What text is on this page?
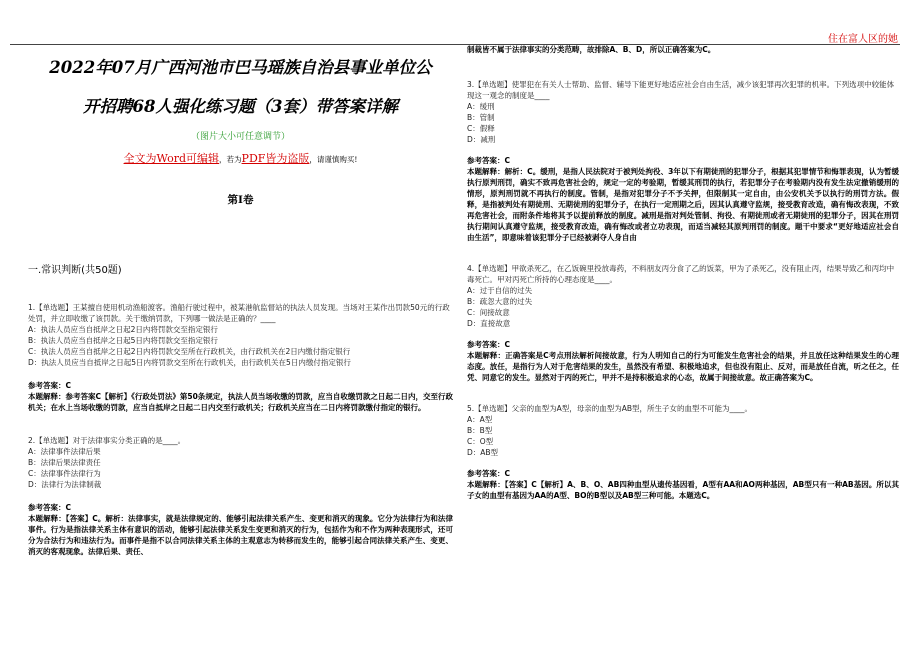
住在富人区的她
2022年07月广西河池市巴马瑶族自治县事业单位公
开招聘68人强化练习题（3套）带答案详解
（图片大小可任意调节）
全文为Word可编辑，若为PDF皆为盗版，请谨慎购买!
第I卷
一.常识判断(共50题)

1.【单选题】王某擅自使用机动渔船渡客。渔船行驶过程中，被某港航监督站的执法人员发现。当场对王某作出罚款50元的行政处罚，并立即收缴了该罚款。关于缴纳罚款，下列哪一做法是正确的？____

A：执法人员应当自抵岸之日起2日内将罚款交至指定银行
B：执法人员应当自抵岸之日起5日内将罚款交至指定银行
C：执法人员应当自抵岸之日起2日内将罚款交至所在行政机关，由行政机关在2日内缴付指定银行
D：执法人员应当自抵岸之日起5日内将罚款交至所在行政机关，由行政机关在5日内缴付指定银行

参考答案：C

本题解释：参考答案C【解析】《行政处罚法》第50条规定，执法人员当场收缴的罚款，应当自收缴罚款之日起二日内，交至行政机关；在水上当场收缴的罚款，应当自抵岸之日起二日内交至行政机关；行政机关应当在二日内将罚款缴付指定的银行。

2.【单选题】对于法律事实分类正确的是____。

A：法律事件法律后果
B：法律后果法律责任
C：法律事件法律行为
D：法律行为法律制裁

参考答案：C

本题解释：【答案】C。解析：法律事实，就是法律规定的、能够引起法律关系产生、变更和消灭的现象。它分为法律行为和法律事件。行为是指法律关系主体有意识的活动，能够引起法律关系发生变更和消灭的行为，包括作为和不作为两种表现形式，还可分为合法行为和违法行为。而事件是指不以合同法律关系主体的主观意志为转移而发生的，能够引起合同法律关系产生、变更、消灭的客观现象。法律后果、责任、

制裁皆不属于法律事实的分类范畴，故排除A、B、D，所以正确答案为C。

3.【单选题】使罪犯在有关人士帮助、监督、辅导下能更好地适应社会自由生活，减少该犯罪再次犯罪的机率。下列选项中较能体现这一观念的制度是____

A：缓刑
B：管制
C：假释
D：减刑

参考答案：C

本题解释：解析：C。缓刑，是指人民法院对于被判处拘役、3年以下有期徒刑的犯罪分子，根据其犯罪情节和悔罪表现，认为暂缓执行原判刑罚，确实不致再危害社会的，规定一定的考验期，暂缓其刑罚的执行，若犯罪分子在考验期内没有发生法定撤销缓刑的情形，原判刑罚就不再执行的制度。管制，是指对犯罪分子不予关押，但限制其一定自由，由公安机关予以执行的刑罚方法。假释，是指被判处有期徒刑、无期徒刑的犯罪分子，在执行一定刑期之后，因其认真遵守监规，接受教育改造，确有悔改表现，不致再危害社会，而附条件地将其予以提前释放的制度。减刑是指对判处管制、拘役、有期徒刑或者无期徒刑的犯罪分子，因其在刑罚执行期间认真遵守监规，接受教育改造，确有悔改或者立功表现，而适当减轻其原判刑罚的制度。题干中要求“更好地适应社会自由生活”，即意味着该犯罪分子已经被剥夺人身自由

4.【单选题】甲欲杀死乙，在乙饭碗里投放毒药，不料朋友丙分食了乙的饭菜，甲为了杀死乙，没有阻止丙，结果导致乙和丙均中毒死亡。甲对丙死亡所持的心理态度是____。

A：过于自信的过失
B：疏忽大意的过失
C：间接故意
D：直接故意

参考答案：C

本题解释：正确答案是C考点刑法解析间接故意，行为人明知自己的行为可能发生危害社会的结果，并且放任这种结果发生的心理态度。放任，是指行为人对于危害结果的发生，虽然没有希望、积极地追求，但也没有阻止、反对，而是放任自流，听之任之，任凭、同意它的发生。显然对于丙的死亡，甲并不是持积极追求的心态，故属于间接故意。故正确答案为C。

5.【单选题】父亲的血型为A型，母亲的血型为AB型，所生子女的血型不可能为____。

A：A型
B：B型
C：O型
D：AB型

参考答案：C

本题解释：【答案】C【解析】A、B、O、AB四种血型从遗传基因看，A型有AA和AO两种基因，AB型只有一种AB基因。所以其子女的血型有基因为AA的A型、BO的B型以及AB型三种可能。本题选C。
